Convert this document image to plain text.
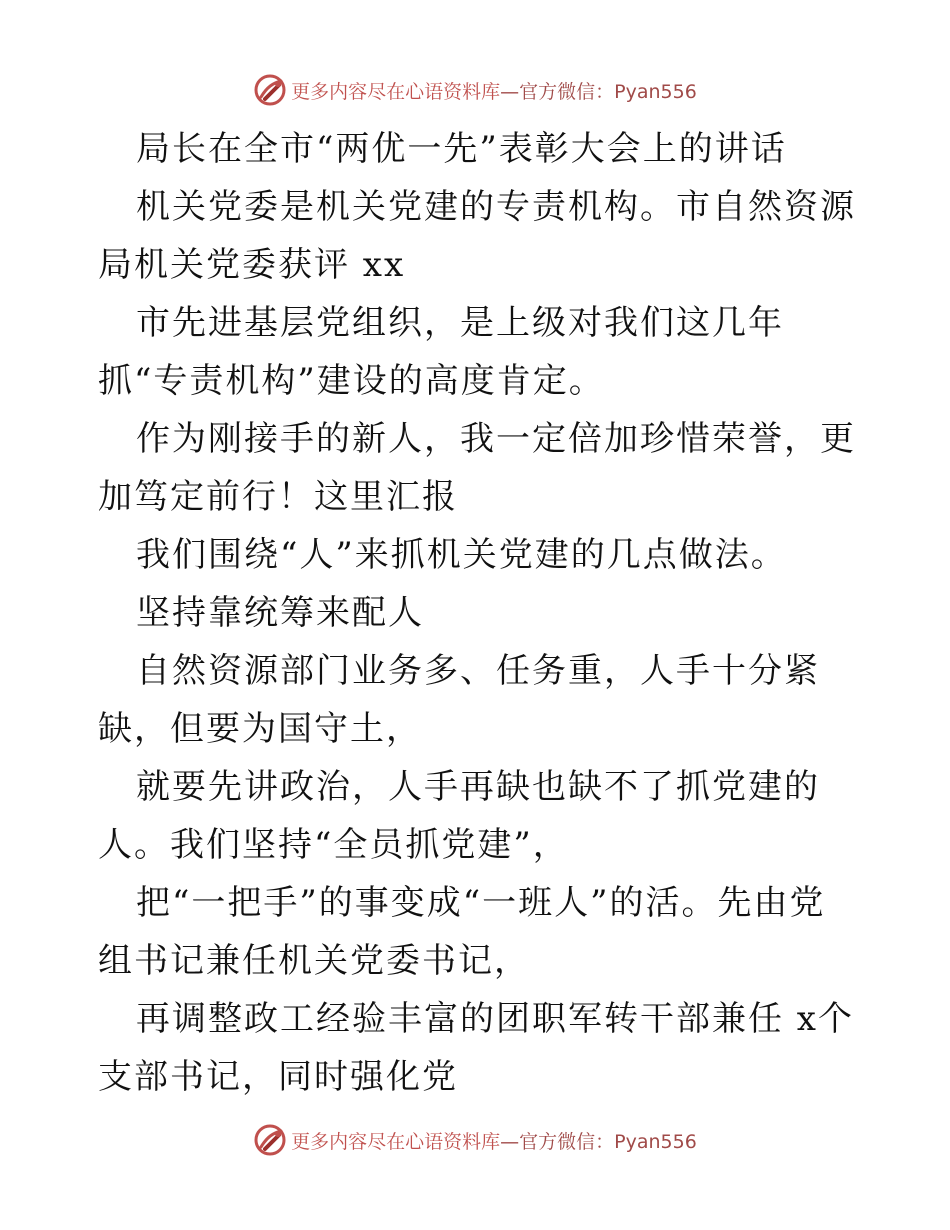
更多内容尽在心语资料库—官方微信：Pyan556

局长在全市“两优一先”表彰大会上的讲话

机关党委是机关党建的专责机构。市自然资源局机关党委获评 xx

市先进基层党组织，是上级对我们这几年抓“专责机构”建设的高度肯定。

作为刚接手的新人，我一定倍加珍惜荣誉，更加笃定前行！这里汇报

我们围绕“人”来抓机关党建的几点做法。

坚持靠统筹来配人

自然资源部门业务多、任务重，人手十分紧缺，但要为国守土，

就要先讲政治，人手再缺也缺不了抓党建的人。我们坚持“全员抓党建”，

把“一把手”的事变成“一班人”的活。先由党组书记兼任机关党委书记，

再调整政工经验丰富的团职军转干部兼任 x个支部书记，同时强化党

更多内容尽在心语资料库—官方微信：Pyan556
